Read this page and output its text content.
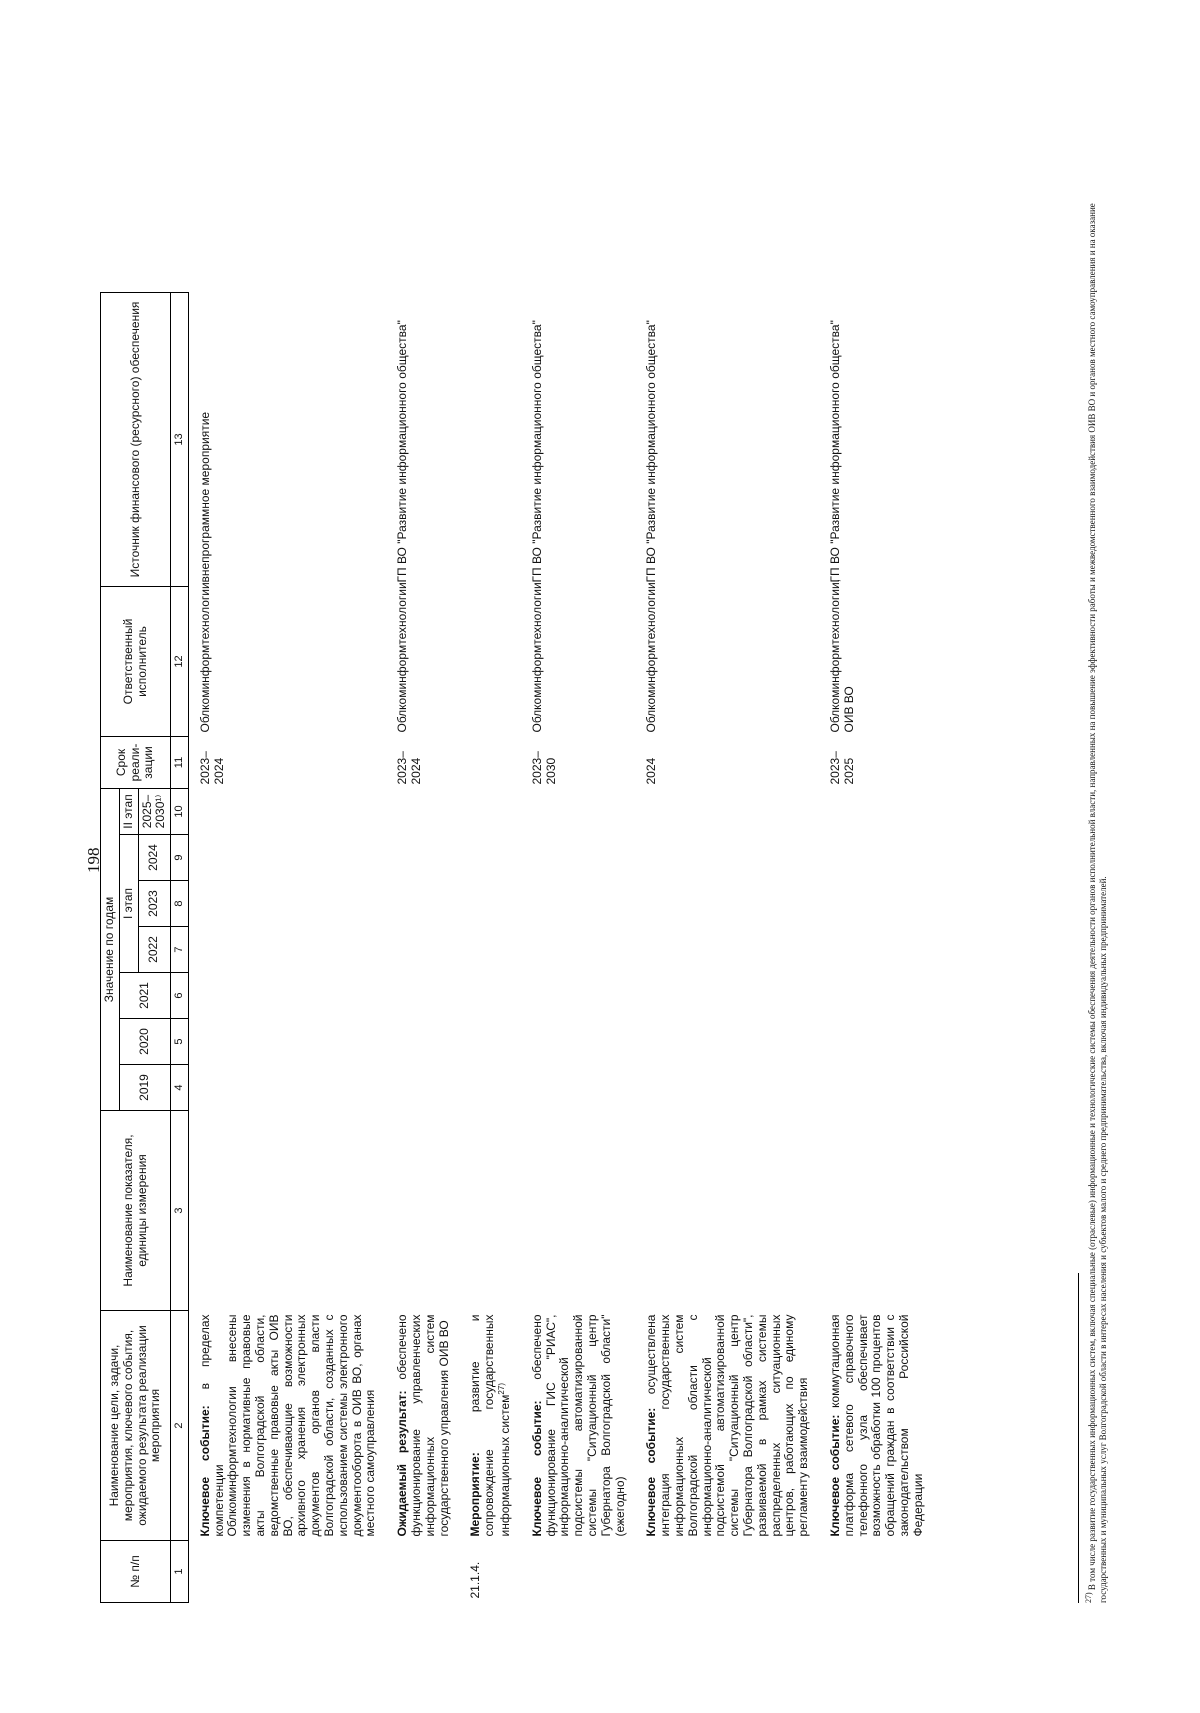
198
№ п/п	Наименование цели, задачи, мероприятия, ключевого события, ожидаемого результата реализации мероприятия	Наименование показателя, единицы измерения	Значение по годам							Срок реали-зации	Ответственный исполнитель	Источник финансового (ресурсного) обеспечения
			2019	2020	2021	I этап			II этап			
						2022	2023	2024	2025–2030¹⁾			
1	2	3	4	5	6	7	8	9	10	11	12	13
	Ключевое событие: в пределах компетенции Облкоминформтехнологии внесены изменения в нормативные правовые акты Волгоградской области, ведомственные правовые акты ОИВ ВО, обеспечивающие возможности архивного хранения электронных документов органов власти Волгоградской области, созданных с использованием системы электронного документооборота в ОИВ ВО, органах местного самоуправления									2023–2024	Облкоминформтехнологии	внепрограммное мероприятие
	Ожидаемый результат: обеспечено функционирование управленческих информационных систем государственного управления ОИВ ВО									2023–2024	Облкоминформтехнологии	ГП ВО "Развитие информационного общества"
21.1.4.	Мероприятие: развитие и сопровождение государственных информационных систем$^{27)}$											
	Ключевое событие: обеспечено функционирование ГИС "РИАС", информационно-аналитической подсистемы автоматизированной системы "Ситуационный центр Губернатора Волгоградской области" (ежегодно)									2023–2030	Облкоминформтехнологии	ГП ВО "Развитие информационного общества"
	Ключевое событие: осуществлена интеграция государственных информационных систем Волгоградской области с информационно-аналитической подсистемой автоматизированной системы "Ситуационный центр Губернатора Волгоградской области", развиваемой в рамках системы распределенных ситуационных центров, работающих по единому регламенту взаимодействия									2024	Облкоминформтехнологии	ГП ВО "Развитие информационного общества"
	Ключевое событие: коммутационная платформа сетевого справочного телефонного узла обеспечивает возможность обработки 100 процентов обращений граждан в соответствии с законодательством Российской Федерации									2023–2025	Облкоминформтехнологии, ОИВ ВО	ГП ВО "Развитие информационного общества"
$^{27)}$ В том числе развитие государственных информационных систем, включая специальные (отраслевые) информационные и технологические системы обеспечения деятельности органов исполнительной власти, направленных на повышение эффективности работы и межведомственного взаимодействия ОИВ ВО и органов местного самоуправления и на оказание государственных и муниципальных услуг Волгоградской области в интересах населения и субъектов малого и среднего предпринимательства, включая индивидуальных предпринимателей.
